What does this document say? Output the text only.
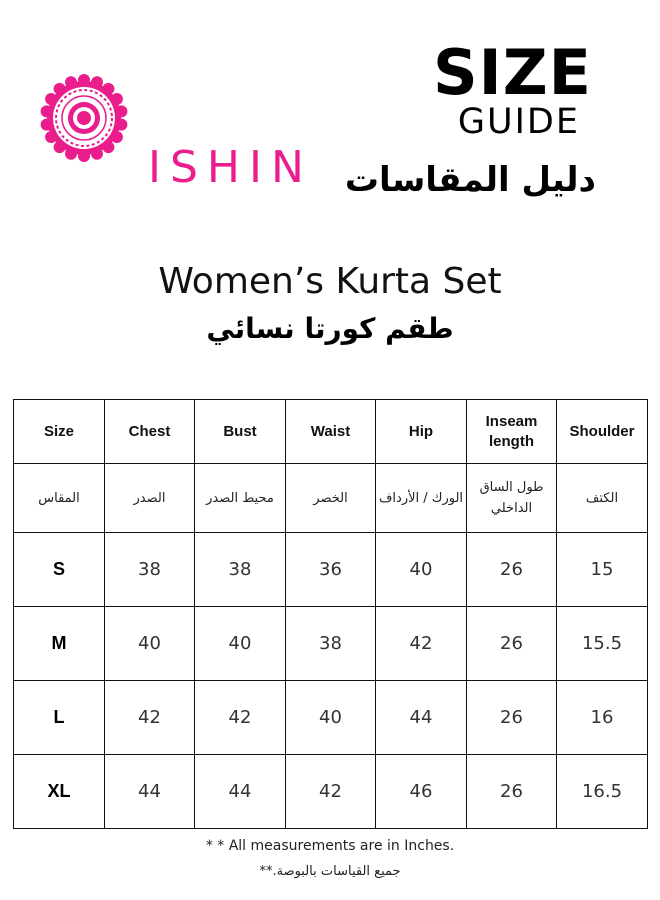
ISHIN
SIZE
GUIDE
دليل المقاسات
Women’s Kurta Set
طقم كورتا نسائي
Size	Chest	Bust	Waist	Hip	Inseam length	Shoulder
المقاس	الصدر	محيط الصدر	الخصر	الورك / الأرداف	طول الساق الداخلي	الكتف
S	38	38	36	40	26	15
M	40	40	38	42	26	15.5
L	42	42	40	44	26	16
XL	44	44	42	46	26	16.5
* * All measurements are in Inches.
جميع القياسات بالبوصة.**
